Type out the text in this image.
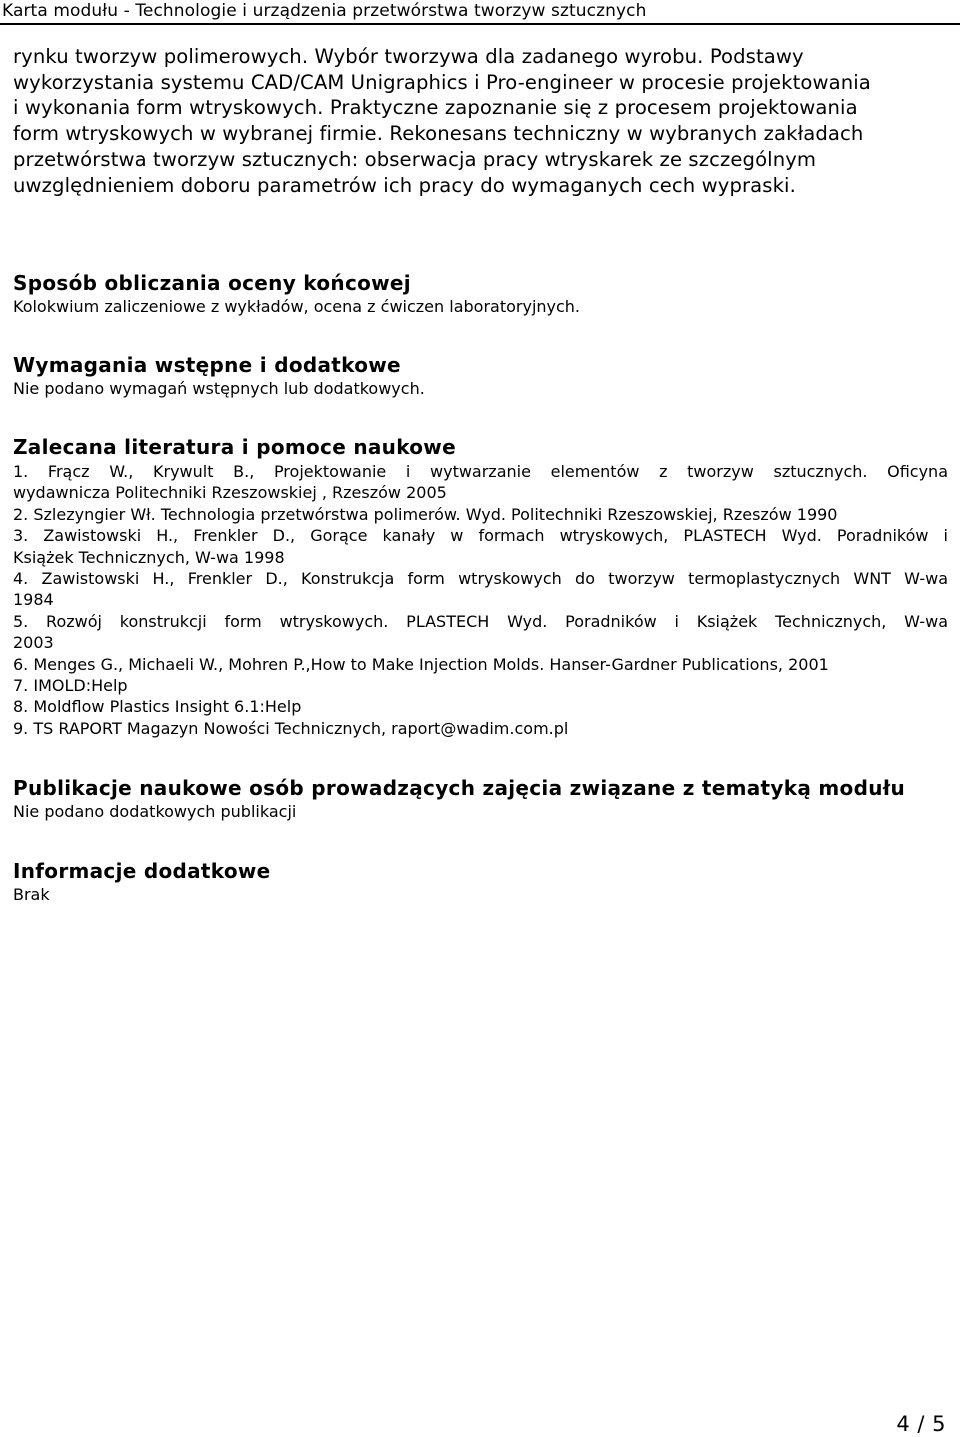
Karta modułu - Technologie i urządzenia przetwórstwa tworzyw sztucznych
rynku tworzyw polimerowych. Wybór tworzywa dla zadanego wyrobu. Podstawy
wykorzystania systemu CAD/CAM Unigraphics i Pro-engineer w procesie projektowania
i wykonania form wtryskowych. Praktyczne zapoznanie się z procesem projektowania
form wtryskowych w wybranej firmie. Rekonesans techniczny w wybranych zakładach
przetwórstwa tworzyw sztucznych: obserwacja pracy wtryskarek ze szczególnym
uwzględnieniem doboru parametrów ich pracy do wymaganych cech wypraski.
Sposób obliczania oceny końcowej
Kolokwium zaliczeniowe z wykładów, ocena z ćwiczen laboratoryjnych.
Wymagania wstępne i dodatkowe
Nie podano wymagań wstępnych lub dodatkowych.
Zalecana literatura i pomoce naukowe
1. Frącz W., Krywult B., Projektowanie i wytwarzanie elementów z tworzyw sztucznych. Oficyna
wydawnicza Politechniki Rzeszowskiej , Rzeszów 2005
2. Szlezyngier Wł. Technologia przetwórstwa polimerów. Wyd. Politechniki Rzeszowskiej, Rzeszów 1990
3. Zawistowski H., Frenkler D., Gorące kanały w formach wtryskowych, PLASTECH Wyd. Poradników i
Książek Technicznych, W-wa 1998
4. Zawistowski H., Frenkler D., Konstrukcja form wtryskowych do tworzyw termoplastycznych WNT W-wa
1984
5. Rozwój konstrukcji form wtryskowych. PLASTECH Wyd. Poradników i Książek Technicznych, W-wa
2003
6. Menges G., Michaeli W., Mohren P.,How to Make Injection Molds. Hanser-Gardner Publications, 2001
7. IMOLD:Help
8. Moldflow Plastics Insight 6.1:Help
9. TS RAPORT Magazyn Nowości Technicznych, raport@wadim.com.pl
Publikacje naukowe osób prowadzących zajęcia związane z tematyką modułu
Nie podano dodatkowych publikacji
Informacje dodatkowe
Brak
4 / 5
